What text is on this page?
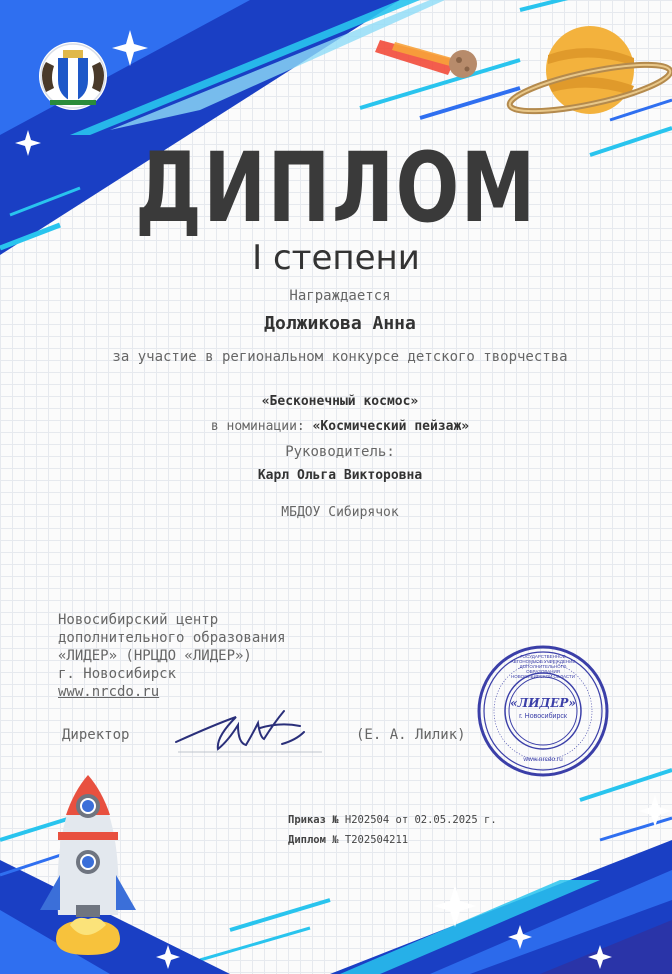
ДИПЛОМ
I степени
Награждается
Должикова Анна
за участие в региональном конкурсе детского творчества
«Бесконечный космос»
в номинации: «Космический пейзаж»
Руководитель:
Карл Ольга Викторовна
МБДОУ Сибирячок
Новосибирский центр
дополнительного образования
«ЛИДЕР» (НРЦДО «ЛИДЕР»)
г. Новосибирск
www.nrcdo.ru
Директор	(Е. А. Лилик)
«ЛИДЕР»
г. Новосибирск
www.nrcdo.ru
ГОСУДАРСТВЕННОЕ АВТОНОМНОЕ УЧРЕЖДЕНИЕ ДОПОЛНИТЕЛЬНОГО ОБРАЗОВАНИЯ НОВОСИБИРСКОЙ ОБЛАСТИ
Приказ № Н202504 от 02.05.2025 г.
Диплом № Т202504211
